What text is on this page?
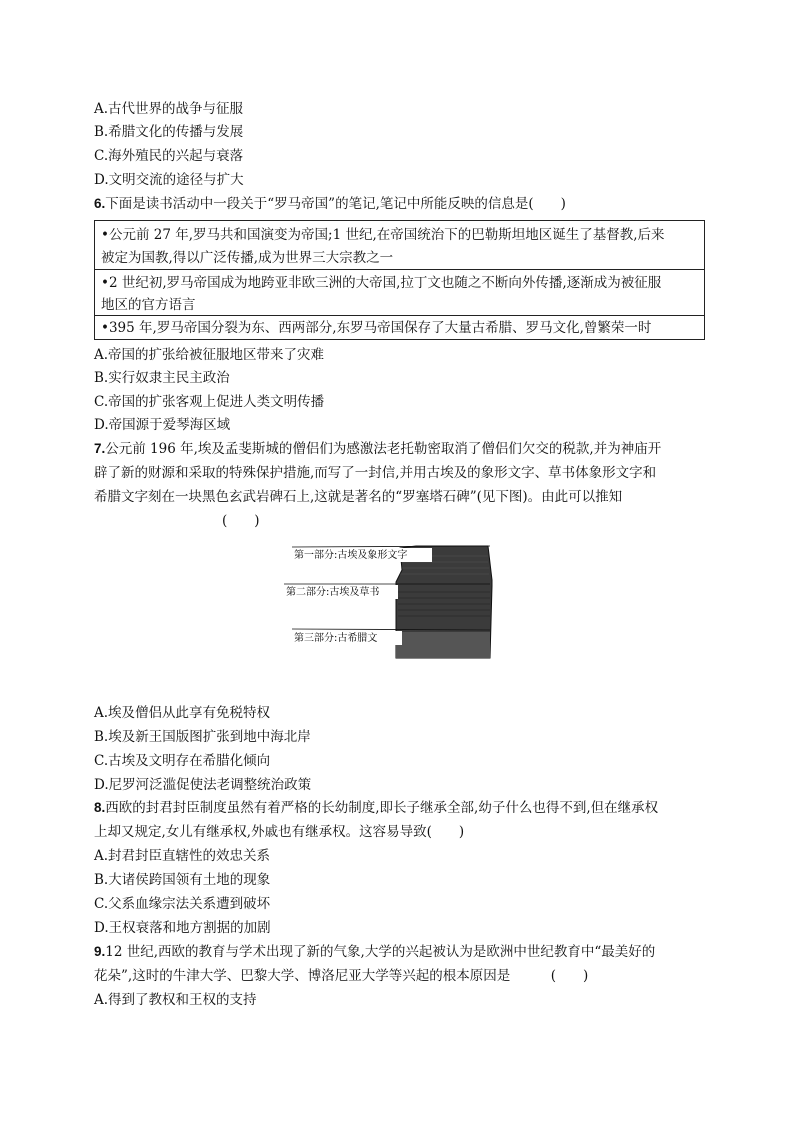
A.古代世界的战争与征服
B.希腊文化的传播与发展
C.海外殖民的兴起与衰落
D.文明交流的途径与扩大
6.下面是读书活动中一段关于“罗马帝国”的笔记,笔记中所能反映的信息是(　　)
•公元前 27 年,罗马共和国演变为帝国;1 世纪,在帝国统治下的巴勒斯坦地区诞生了基督教,后来
被定为国教,得以广泛传播,成为世界三大宗教之一
•2 世纪初,罗马帝国成为地跨亚非欧三洲的大帝国,拉丁文也随之不断向外传播,逐渐成为被征服
地区的官方语言
•395 年,罗马帝国分裂为东、西两部分,东罗马帝国保存了大量古希腊、罗马文化,曾繁荣一时
A.帝国的扩张给被征服地区带来了灾难
B.实行奴隶主民主政治
C.帝国的扩张客观上促进人类文明传播
D.帝国源于爱琴海区域
7.公元前 196 年,埃及孟斐斯城的僧侣们为感激法老托勒密取消了僧侣们欠交的税款,并为神庙开
辟了新的财源和采取的特殊保护措施,而写了一封信,并用古埃及的象形文字、草书体象形文字和
希腊文字刻在一块黑色玄武岩碑石上,这就是著名的“罗塞塔石碑”(见下图)。由此可以推知
(　　)
第一部分:古埃及象形文字
第二部分:古埃及草书
第三部分:古希腊文
A.埃及僧侣从此享有免税特权
B.埃及新王国版图扩张到地中海北岸
C.古埃及文明存在希腊化倾向
D.尼罗河泛滥促使法老调整统治政策
8.西欧的封君封臣制度虽然有着严格的长幼制度,即长子继承全部,幼子什么也得不到,但在继承权
上却又规定,女儿有继承权,外戚也有继承权。这容易导致(　　)
A.封君封臣直辖性的效忠关系
B.大诸侯跨国领有土地的现象
C.父系血缘宗法关系遭到破坏
D.王权衰落和地方割据的加剧
9.12 世纪,西欧的教育与学术出现了新的气象,大学的兴起被认为是欧洲中世纪教育中“最美好的
花朵”,这时的牛津大学、巴黎大学、博洛尼亚大学等兴起的根本原因是　　　(　　)
A.得到了教权和王权的支持
